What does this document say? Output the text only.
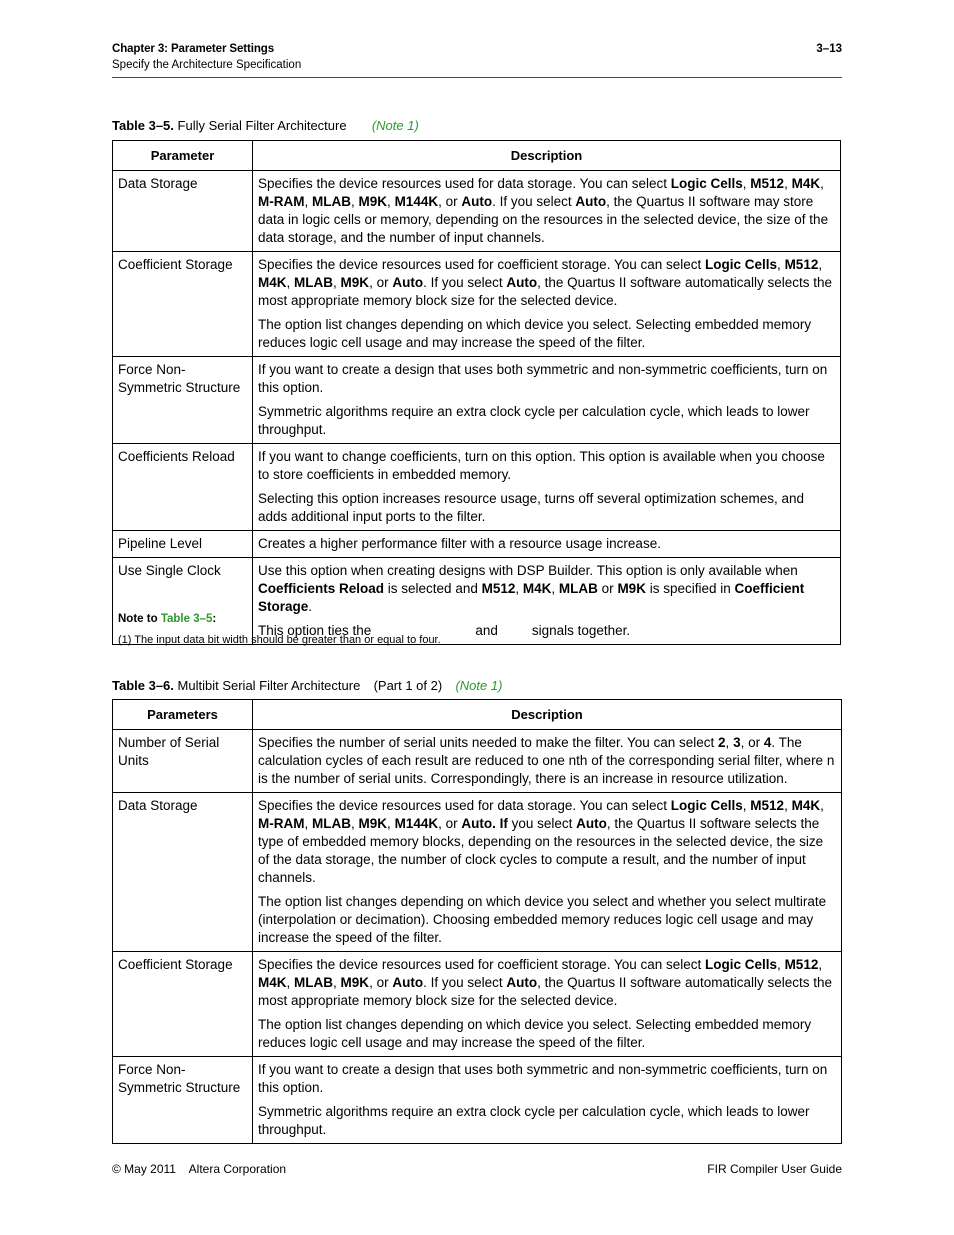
Chapter 3: Parameter Settings
Specify the Architecture Specification
3–13
Table 3–5. Fully Serial Filter Architecture (Note 1)
Parameter	Description
Data Storage	Specifies the device resources used for data storage. You can select Logic Cells, M512, M4K, M-RAM, MLAB, M9K, M144K, or Auto. If you select Auto, the Quartus II software may store data in logic cells or memory, depending on the resources in the selected device, the size of the data storage, and the number of input channels.

Coefficient Storage	Specifies the device resources used for coefficient storage. You can select Logic Cells, M512, M4K, MLAB, M9K, or Auto. If you select Auto, the Quartus II software automatically selects the most appropriate memory block size for the selected device.

The option list changes depending on which device you select. Selecting embedded memory reduces logic cell usage and may increase the speed of the filter.

Force Non-Symmetric Structure	If you want to create a design that uses both symmetric and non-symmetric coefficients, turn on this option.

Symmetric algorithms require an extra clock cycle per calculation cycle, which leads to lower throughput.

Coefficients Reload	If you want to change coefficients, turn on this option. This option is available when you choose to store coefficients in embedded memory.

Selecting this option increases resource usage, turns off several optimization schemes, and adds additional input ports to the filter.

Pipeline Level	Creates a higher performance filter with a resource usage increase.

Use Single Clock	Use this option when creating designs with DSP Builder. This option is only available when Coefficients Reload is selected and M512, M4K, MLAB or M9K is specified in Coefficient Storage.

This option ties the and signals together.

Note to Table 3–5:
(1) The input data bit width should be greater than or equal to four.
Table 3–6. Multibit Serial Filter Architecture (Part 1 of 2) (Note 1)
Parameters	Description
Number of Serial Units	Specifies the number of serial units needed to make the filter. You can select 2, 3, or 4. The calculation cycles of each result are reduced to one nth of the corresponding serial filter, where n is the number of serial units. Correspondingly, there is an increase in resource utilization.

Data Storage	Specifies the device resources used for data storage. You can select Logic Cells, M512, M4K, M-RAM, MLAB, M9K, M144K, or Auto. If you select Auto, the Quartus II software selects the type of embedded memory blocks, depending on the resources in the selected device, the size of the data storage, the number of clock cycles to compute a result, and the number of input channels.

The option list changes depending on which device you select and whether you select multirate (interpolation or decimation). Choosing embedded memory reduces logic cell usage and may increase the speed of the filter.

Coefficient Storage	Specifies the device resources used for coefficient storage. You can select Logic Cells, M512, M4K, MLAB, M9K, or Auto. If you select Auto, the Quartus II software automatically selects the most appropriate memory block size for the selected device.

The option list changes depending on which device you select. Selecting embedded memory reduces logic cell usage and may increase the speed of the filter.

Force Non-Symmetric Structure	If you want to create a design that uses both symmetric and non-symmetric coefficients, turn on this option.

Symmetric algorithms require an extra clock cycle per calculation cycle, which leads to lower throughput.

© May 2011    Altera Corporation	FIR Compiler User Guide
